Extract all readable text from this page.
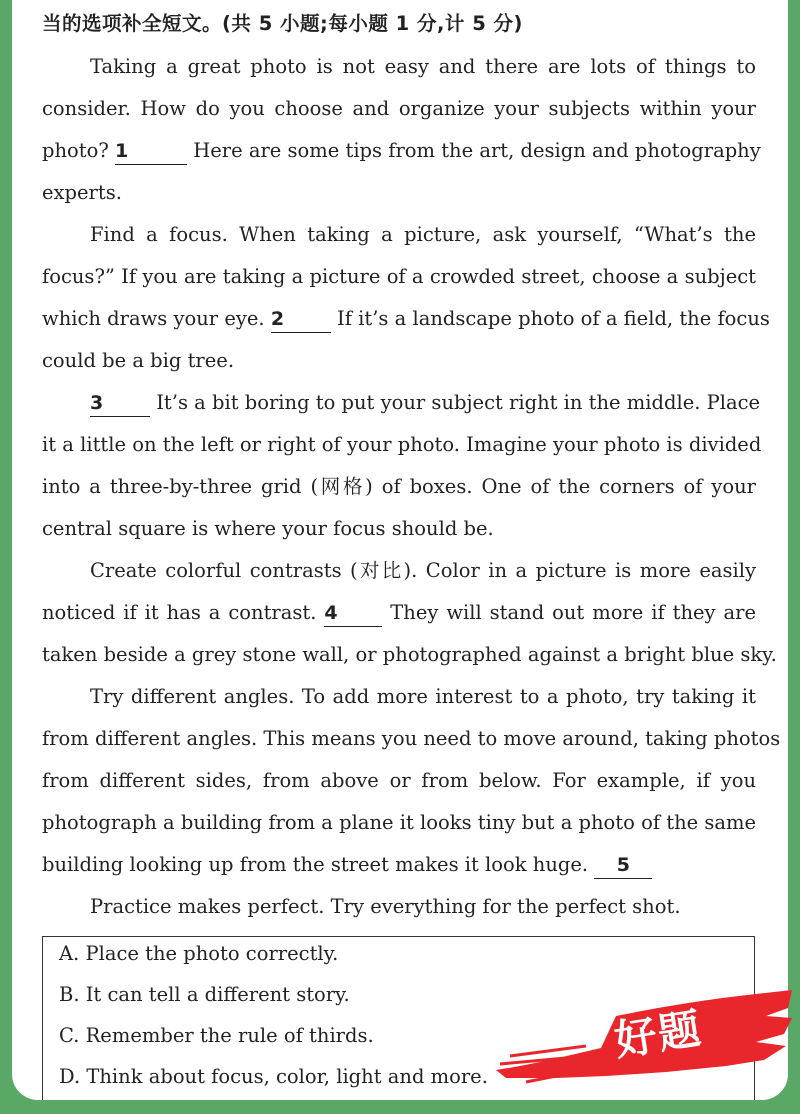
当的选项补全短文。(共 5 小题;每小题 1 分,计 5 分)
Taking a great photo is not easy and there are lots of things to
consider. How do you choose and organize your subjects within your
photo? 1	Here are some tips from the art, design and photography
experts.
Find a focus. When taking a picture, ask yourself, “What’s the
focus?” If you are taking a picture of a crowded street, choose a subject
which draws your eye. 2	If it’s a landscape photo of a field, the focus
could be a big tree.
3	It’s a bit boring to put your subject right in the middle. Place
it a little on the left or right of your photo. Imagine your photo is divided
into a three-by-three grid (网格) of boxes. One of the corners of your
central square is where your focus should be.
Create colorful contrasts (对比). Color in a picture is more easily
noticed if it has a contrast. 4	They will stand out more if they are
taken beside a grey stone wall, or photographed against a bright blue sky.
Try different angles. To add more interest to a photo, try taking it
from different angles. This means you need to move around, taking photos
from different sides, from above or from below. For example, if you
photograph a building from a plane it looks tiny but a photo of the same
building looking up from the street makes it look huge. 5
Practice makes perfect. Try everything for the perfect shot.
A. Place the photo correctly.
B. It can tell a different story.
C. Remember the rule of thirds.
D. Think about focus, color, light and more.
好题
